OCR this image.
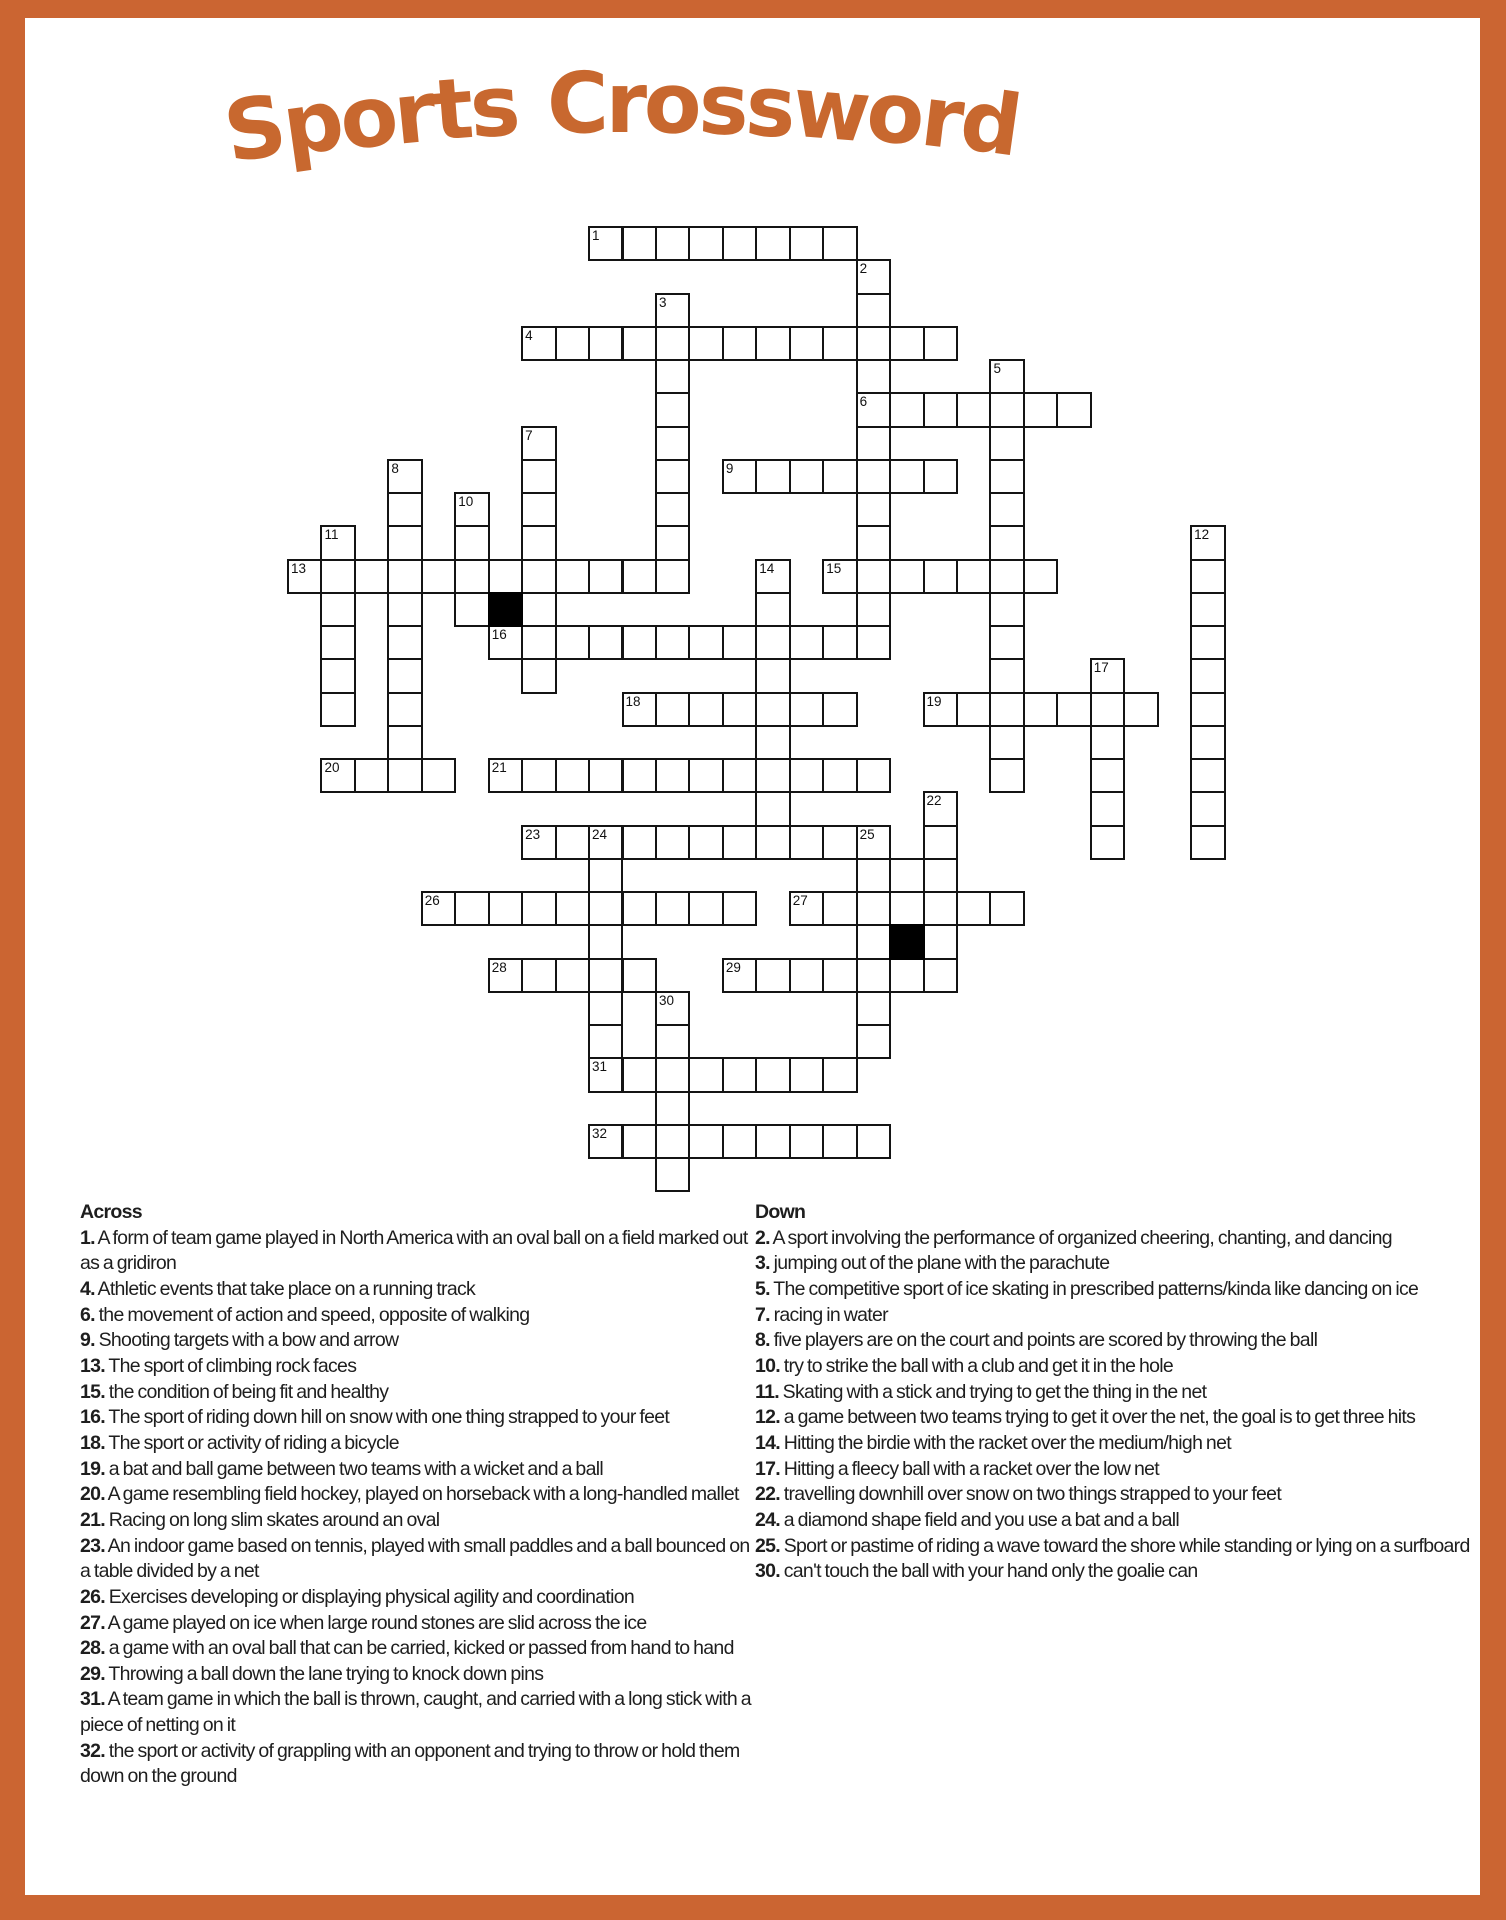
Sports Crossword
1
2
6
3
4
5
7
8	9
10
11	12
13	14	15
16
17
18	19
20	21
22
23	24	25
31
26	27
28	29
30
32
Across

1. A form of team game played in North America with an oval ball on a field marked out as a gridiron

4. Athletic events that take place on a running track

6. the movement of action and speed, opposite of walking

9. Shooting targets with a bow and arrow

13. The sport of climbing rock faces

15. the condition of being fit and healthy

16. The sport of riding down hill on snow with one thing strapped to your feet

18. The sport or activity of riding a bicycle

19. a bat and ball game between two teams with a wicket and a ball

20. A game resembling field hockey, played on horseback with a long-handled mallet

21. Racing on long slim skates around an oval

23. An indoor game based on tennis, played with small paddles and a ball bounced on a table divided by a net

26. Exercises developing or displaying physical agility and coordination

27. A game played on ice when large round stones are slid across the ice

28. a game with an oval ball that can be carried, kicked or passed from hand to hand

29. Throwing a ball down the lane trying to knock down pins

31. A team game in which the ball is thrown, caught, and carried with a long stick with a piece of netting on it

32. the sport or activity of grappling with an opponent and trying to throw or hold them down on the ground

Down

2. A sport involving the performance of organized cheering, chanting, and dancing

3. jumping out of the plane with the parachute

5. The competitive sport of ice skating in prescribed patterns/kinda like dancing on ice

7. racing in water

8. five players are on the court and points are scored by throwing the ball

10. try to strike the ball with a club and get it in the hole

11. Skating with a stick and trying to get the thing in the net

12. a game between two teams trying to get it over the net, the goal is to get three hits

14. Hitting the birdie with the racket over the medium/high net

17. Hitting a fleecy ball with a racket over the low net

22. travelling downhill over snow on two things strapped to your feet

24. a diamond shape field and you use a bat and a ball

25. Sport or pastime of riding a wave toward the shore while standing or lying on a surfboard

30. can't touch the ball with your hand only the goalie can
